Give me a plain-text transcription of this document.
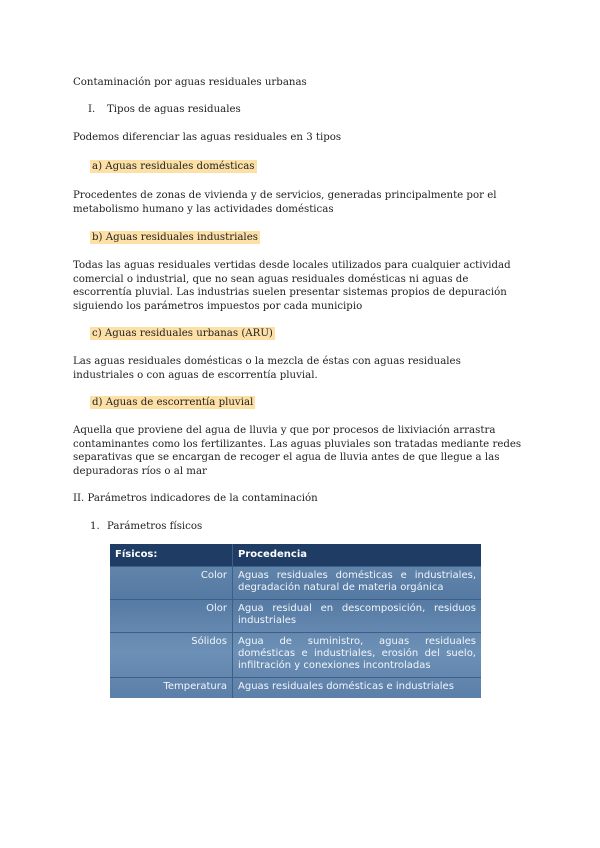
Contaminación por aguas residuales urbanas

I. Tipos de aguas residuales

Podemos diferenciar las aguas residuales en 3 tipos

a) Aguas residuales domésticas

Procedentes de zonas de vivienda y de servicios, generadas principalmente por el metabolismo humano y las actividades domésticas

b) Aguas residuales industriales

Todas las aguas residuales vertidas desde locales utilizados para cualquier actividad comercial o industrial, que no sean aguas residuales domésticas ni aguas de escorrentía pluvial. Las industrias suelen presentar sistemas propios de depuración siguiendo los parámetros impuestos por cada municipio

c) Aguas residuales urbanas (ARU)

Las aguas residuales domésticas o la mezcla de éstas con aguas residuales industriales o con aguas de escorrentía pluvial.

d) Aguas de escorrentía pluvial

Aquella que proviene del agua de lluvia y que por procesos de lixiviación arrastra contaminantes como los fertilizantes. Las aguas pluviales son tratadas mediante redes separativas que se encargan de recoger el agua de lluvia antes de que llegue a las depuradoras ríos o al mar

II. Parámetros indicadores de la contaminación

1. Parámetros físicos
Físicos:	Procedencia
Color	Aguas residuales domésticas e industriales, degradación natural de materia orgánica
Olor	Agua residual en descomposición, residuos industriales
Sólidos	Agua de suministro, aguas residuales domésticas e industriales, erosión del suelo, infiltración y conexiones incontroladas
Temperatura	Aguas residuales domésticas e industriales
